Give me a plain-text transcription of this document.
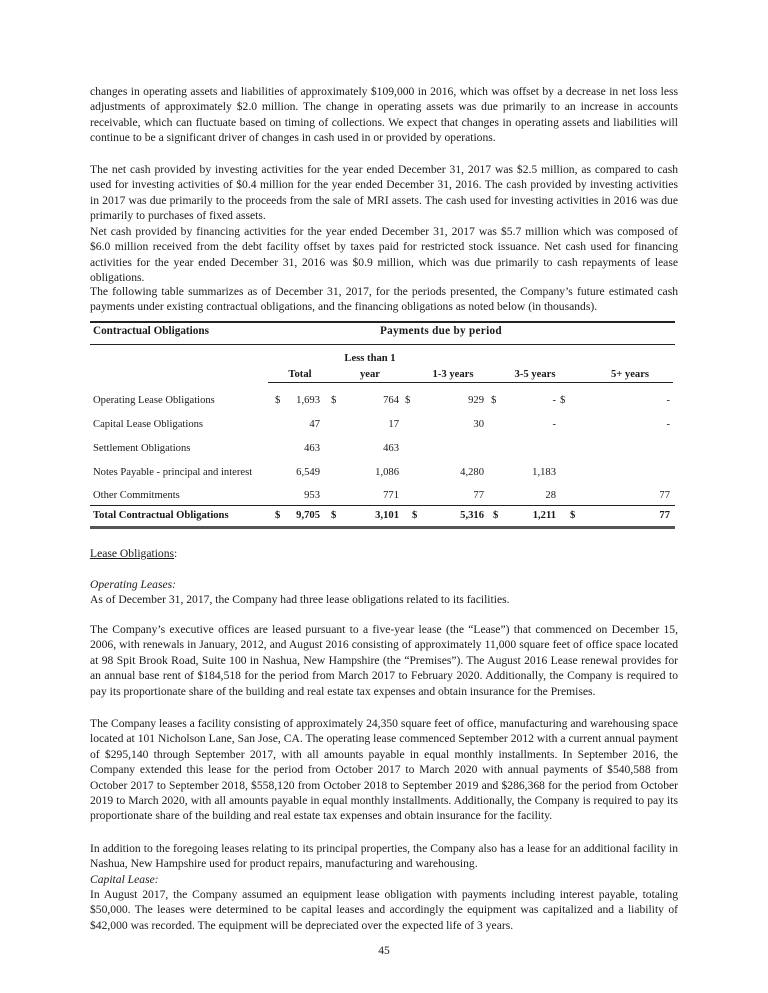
changes in operating assets and liabilities of approximately $109,000 in 2016, which was offset by a decrease in net loss less adjustments of approximately $2.0 million. The change in operating assets was due primarily to an increase in accounts receivable, which can fluctuate based on timing of collections. We expect that changes in operating assets and liabilities will continue to be a significant driver of changes in cash used in or provided by operations.

The net cash provided by investing activities for the year ended December 31, 2017 was $2.5 million, as compared to cash used for investing activities of $0.4 million for the year ended December 31, 2016. The cash provided by investing activities in 2017 was due primarily to the proceeds from the sale of MRI assets. The cash used for investing activities in 2016 was due primarily to purchases of fixed assets.

Net cash provided by financing activities for the year ended December 31, 2017 was $5.7 million which was composed of $6.0 million received from the debt facility offset by taxes paid for restricted stock issuance. Net cash used for financing activities for the year ended December 31, 2016 was $0.9 million, which was due primarily to cash repayments of lease obligations.

The following table summarizes as of December 31, 2017, for the periods presented, the Company’s future estimated cash payments under existing contractual obligations, and the financing obligations as noted below (in thousands).

Contractual Obligations	Payments due by period
Less than 1
Total	year	1-3 years	3-5 years	5+ years
Operating Lease Obligations	$	1,693 $	764 $	929 $	- $	-
Capital Lease Obligations	47	17	30	-	-
Settlement Obligations	463	463
Notes Payable - principal and interest	6,549	1,086	4,280	1,183
Other Commitments	953	771	77	28	77
Total Contractual Obligations	$	9,705 $	3,101 $	5,316 $	1,211 $	77

Lease Obligations:

Operating Leases:

As of December 31, 2017, the Company had three lease obligations related to its facilities.

The Company’s executive offices are leased pursuant to a five-year lease (the “Lease”) that commenced on December 15, 2006, with renewals in January, 2012, and August 2016 consisting of approximately 11,000 square feet of office space located at 98 Spit Brook Road, Suite 100 in Nashua, New Hampshire (the “Premises”). The August 2016 Lease renewal provides for an annual base rent of $184,518 for the period from March 2017 to February 2020. Additionally, the Company is required to pay its proportionate share of the building and real estate tax expenses and obtain insurance for the Premises.

The Company leases a facility consisting of approximately 24,350 square feet of office, manufacturing and warehousing space located at 101 Nicholson Lane, San Jose, CA. The operating lease commenced September 2012 with a current annual payment of $295,140 through September 2017, with all amounts payable in equal monthly installments. In September 2016, the Company extended this lease for the period from October 2017 to March 2020 with annual payments of $540,588 from October 2017 to September 2018, $558,120 from October 2018 to September 2019 and $286,368 for the period from October 2019 to March 2020, with all amounts payable in equal monthly installments. Additionally, the Company is required to pay its proportionate share of the building and real estate tax expenses and obtain insurance for the facility.

In addition to the foregoing leases relating to its principal properties, the Company also has a lease for an additional facility in Nashua, New Hampshire used for product repairs, manufacturing and warehousing.

Capital Lease:

In August 2017, the Company assumed an equipment lease obligation with payments including interest payable, totaling $50,000. The leases were determined to be capital leases and accordingly the equipment was capitalized and a liability of $42,000 was recorded. The equipment will be depreciated over the expected life of 3 years.

45
